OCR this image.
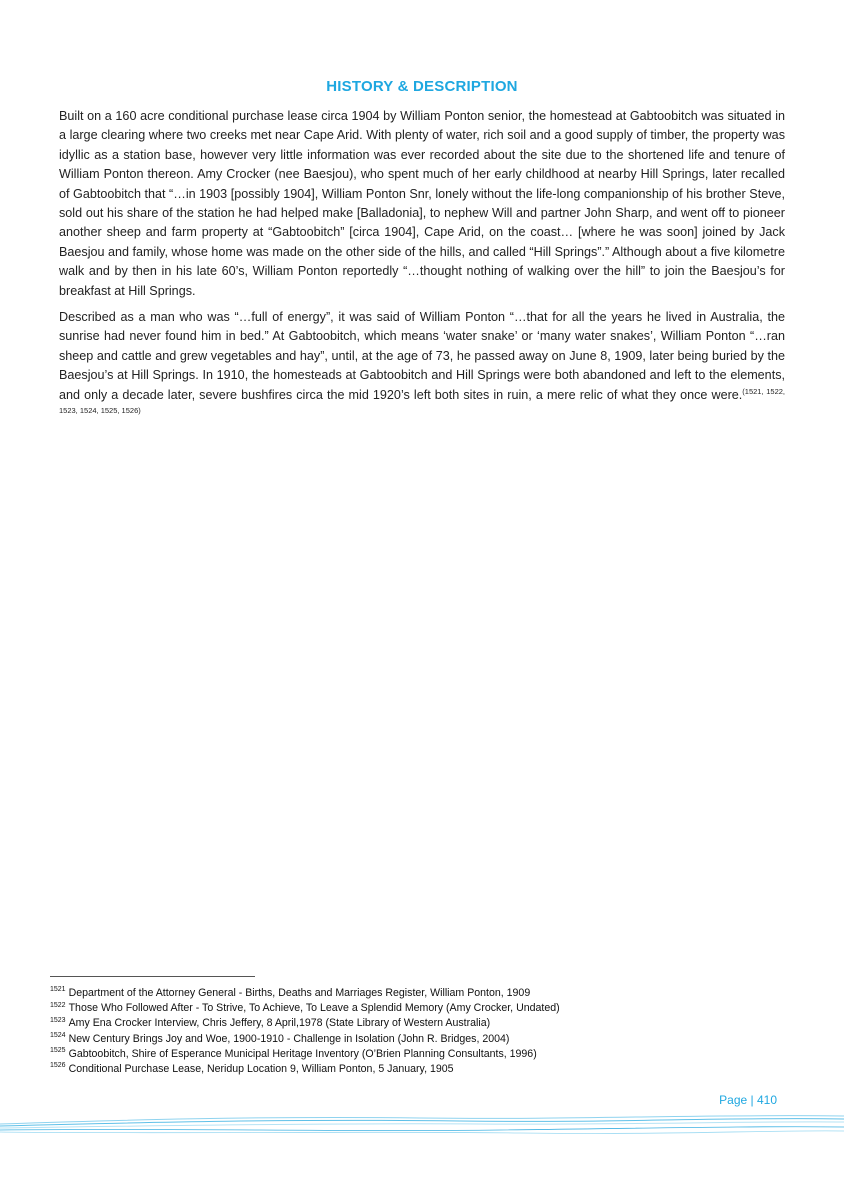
HISTORY & DESCRIPTION

Built on a 160 acre conditional purchase lease circa 1904 by William Ponton senior, the homestead at Gabtoobitch was situated in a large clearing where two creeks met near Cape Arid. With plenty of water, rich soil and a good supply of timber, the property was idyllic as a station base, however very little information was ever recorded about the site due to the shortened life and tenure of William Ponton thereon. Amy Crocker (nee Baesjou), who spent much of her early childhood at nearby Hill Springs, later recalled of Gabtoobitch that “…in 1903 [possibly 1904], William Ponton Snr, lonely without the life-long companionship of his brother Steve, sold out his share of the station he had helped make [Balladonia], to nephew Will and partner John Sharp, and went off to pioneer another sheep and farm property at “Gabtoobitch” [circa 1904], Cape Arid, on the coast… [where he was soon] joined by Jack Baesjou and family, whose home was made on the other side of the hills, and called “Hill Springs”.” Although about a five kilometre walk and by then in his late 60’s, William Ponton reportedly “…thought nothing of walking over the hill” to join the Baesjou’s for breakfast at Hill Springs.

Described as a man who was “…full of energy”, it was said of William Ponton “…that for all the years he lived in Australia, the sunrise had never found him in bed.” At Gabtoobitch, which means ‘water snake’ or ‘many water snakes’, William Ponton “…ran sheep and cattle and grew vegetables and hay”, until, at the age of 73, he passed away on June 8, 1909, later being buried by the Baesjou’s at Hill Springs. In 1910, the homesteads at Gabtoobitch and Hill Springs were both abandoned and left to the elements, and only a decade later, severe bushfires circa the mid 1920’s left both sites in ruin, a mere relic of what they once were.$^{(1521, 1522, 1523, 1524, 1525, 1526)}$

$^{1521}$ Department of the Attorney General - Births, Deaths and Marriages Register, William Ponton, 1909
$^{1522}$ Those Who Followed After - To Strive, To Achieve, To Leave a Splendid Memory (Amy Crocker, Undated)
$^{1523}$ Amy Ena Crocker Interview, Chris Jeffery, 8 April,1978 (State Library of Western Australia)
$^{1524}$ New Century Brings Joy and Woe, 1900-1910 - Challenge in Isolation (John R. Bridges, 2004)
$^{1525}$ Gabtoobitch, Shire of Esperance Municipal Heritage Inventory (O’Brien Planning Consultants, 1996)
$^{1526}$ Conditional Purchase Lease, Neridup Location 9, William Ponton, 5 January, 1905
Page | 410
